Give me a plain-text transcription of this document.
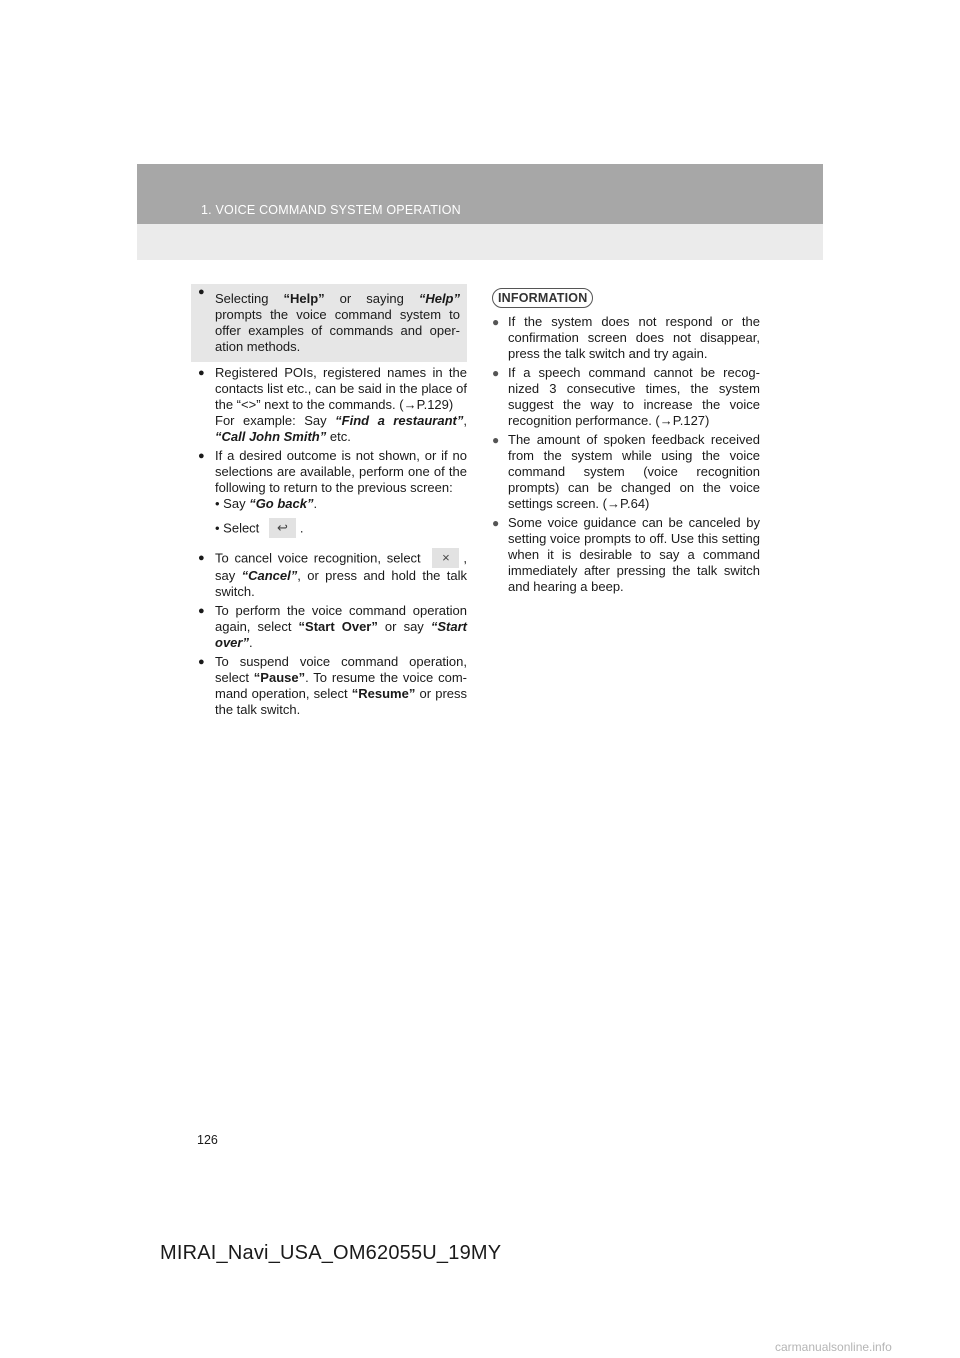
1. VOICE COMMAND SYSTEM OPERATION
● Selecting “Help” or saying “Help” prompts the voice command system to offer examples of commands and operation methods.
● Registered POIs, registered names in the contacts list etc., can be said in the place of the “<>” next to the commands. (→P.129)
For example: Say “Find a restaurant”, “Call John Smith” etc.
● If a desired outcome is not shown, or if no selections are available, perform one of the following to return to the previous screen:
• Say “Go back”.
• Select ↩ .
● To cancel voice recognition, select × , say “Cancel”, or press and hold the talk switch.
● To perform the voice command operation again, select “Start Over” or say “Start over”.
● To suspend voice command operation, select “Pause”. To resume the voice command operation, select “Resume” or press the talk switch.
INFORMATION
● If the system does not respond or the confirmation screen does not disappear, press the talk switch and try again.
● If a speech command cannot be recognized 3 consecutive times, the system suggest the way to increase the voice recognition performance. (→P.127)
● The amount of spoken feedback received from the system while using the voice command system (voice recognition prompts) can be changed on the voice settings screen. (→P.64)
● Some voice guidance can be canceled by setting voice prompts to off. Use this setting when it is desirable to say a command immediately after pressing the talk switch and hearing a beep.
126
MIRAI_Navi_USA_OM62055U_19MY
carmanualsonline.info
